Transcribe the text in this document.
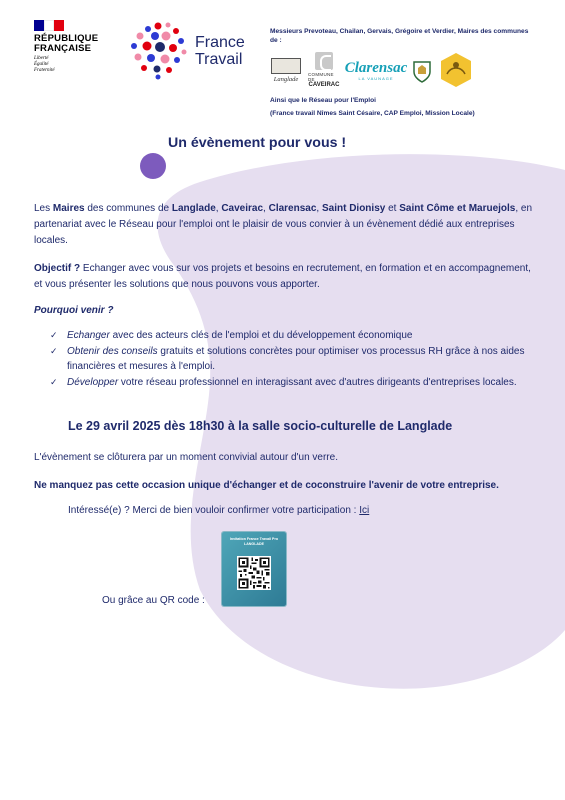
RÉPUBLIQUE
FRANÇAISE
Liberté
Égalité
Fraternité
France
Travail
Messieurs Prevoteau, Chailan, Gervais, Grégoire et Verdier, Maires des communes de :
Langlade
COMMUNE DE
CAVEIRAC
Clarensac
LA VAUNAGE
Ainsi que le Réseau pour l'Emploi
(France travail Nîmes Saint Césaire, CAP Emploi, Mission Locale)
Un évènement pour vous !
Les Maires des communes de Langlade, Caveirac, Clarensac, Saint Dionisy et Saint Côme et Maruejols, en partenariat avec le Réseau pour l'emploi ont le plaisir de vous convier à un évènement dédié aux entreprises locales.
Objectif ? Echanger avec vous sur vos projets et besoins en recrutement, en formation et en accompagnement, et vous présenter les solutions que nous pouvons vous apporter.
Pourquoi venir ?
✓ Echanger avec des acteurs clés de l'emploi et du développement économique
✓ Obtenir des conseils gratuits et solutions concrètes pour optimiser vos processus RH grâce à nos aides financières et mesures à l'emploi.
✓ Développer votre réseau professionnel en interagissant avec d'autres dirigeants d'entreprises locales.
Le 29 avril 2025 dès 18h30 à la salle socio-culturelle de Langlade
L'évènement se clôturera par un moment convivial autour d'un verre.
Ne manquez pas cette occasion unique d'échanger et de coconstruire l'avenir de votre entreprise.
Intéressé(e) ? Merci de bien vouloir confirmer votre participation : Ici
Invitation France Travail Pro
LANGLADE
Ou grâce au QR code :
